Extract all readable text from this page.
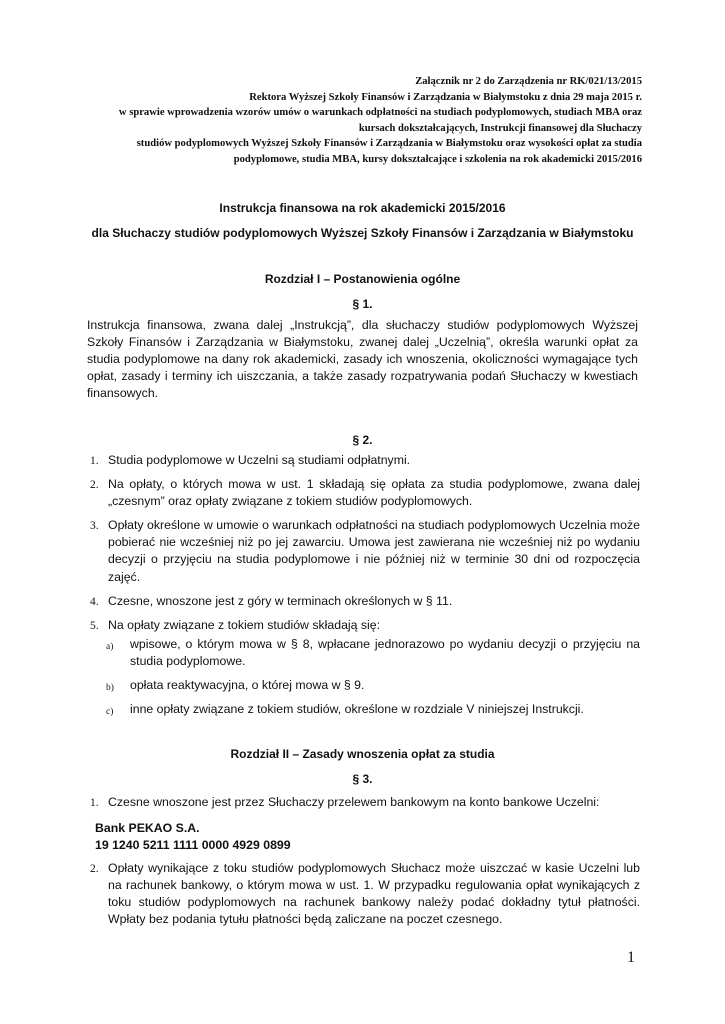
Załącznik nr 2 do Zarządzenia nr RK/021/13/2015
Rektora Wyższej Szkoły Finansów i Zarządzania w Białymstoku z dnia 29 maja 2015 r.
w sprawie wprowadzenia wzorów umów o warunkach odpłatności na studiach podyplomowych, studiach MBA oraz
kursach dokształcających, Instrukcji finansowej dla Słuchaczy
studiów podyplomowych Wyższej Szkoły Finansów i Zarządzania w Białymstoku oraz wysokości opłat za studia
podyplomowe, studia MBA, kursy dokształcające i szkolenia na rok akademicki 2015/2016
Instrukcja finansowa na rok akademicki 2015/2016
dla Słuchaczy studiów podyplomowych Wyższej Szkoły Finansów i Zarządzania w Białymstoku
Rozdział I – Postanowienia ogólne
§ 1.
Instrukcja finansowa, zwana dalej „Instrukcją”, dla słuchaczy studiów podyplomowych Wyższej Szkoły Finansów i Zarządzania w Białymstoku, zwanej dalej „Uczelnią”, określa warunki opłat za studia podyplomowe na dany rok akademicki, zasady ich wnoszenia, okoliczności wymagające tych opłat, zasady i terminy ich uiszczania, a także zasady rozpatrywania podań Słuchaczy w kwestiach finansowych.
§ 2.
1. Studia podyplomowe w Uczelni są studiami odpłatnymi.
2. Na opłaty, o których mowa w ust. 1 składają się opłata za studia podyplomowe, zwana dalej „czesnym” oraz opłaty związane z tokiem studiów podyplomowych.
3. Opłaty określone w umowie o warunkach odpłatności na studiach podyplomowych Uczelnia może pobierać nie wcześniej niż po jej zawarciu. Umowa jest zawierana nie wcześniej niż po wydaniu decyzji o przyjęciu na studia podyplomowe i nie później niż w terminie 30 dni od rozpoczęcia zajęć.
4. Czesne, wnoszone jest z góry w terminach określonych w § 11.
5. Na opłaty związane z tokiem studiów składają się:
a) wpisowe, o którym mowa w § 8, wpłacane jednorazowo po wydaniu decyzji o przyjęciu na studia podyplomowe.
b) opłata reaktywacyjna, o której mowa w § 9.
c) inne opłaty związane z tokiem studiów, określone w rozdziale V niniejszej Instrukcji.
Rozdział II – Zasady wnoszenia opłat za studia
§ 3.
1. Czesne wnoszone jest przez Słuchaczy przelewem bankowym na konto bankowe Uczelni:
Bank PEKAO S.A.
19 1240 5211 1111 0000 4929 0899
2. Opłaty wynikające z toku studiów podyplomowych Słuchacz może uiszczać w kasie Uczelni lub na rachunek bankowy, o którym mowa w ust. 1. W przypadku regulowania opłat wynikających z toku studiów podyplomowych na rachunek bankowy należy podać dokładny tytuł płatności. Wpłaty bez podania tytułu płatności będą zaliczane na poczet czesnego.
1
